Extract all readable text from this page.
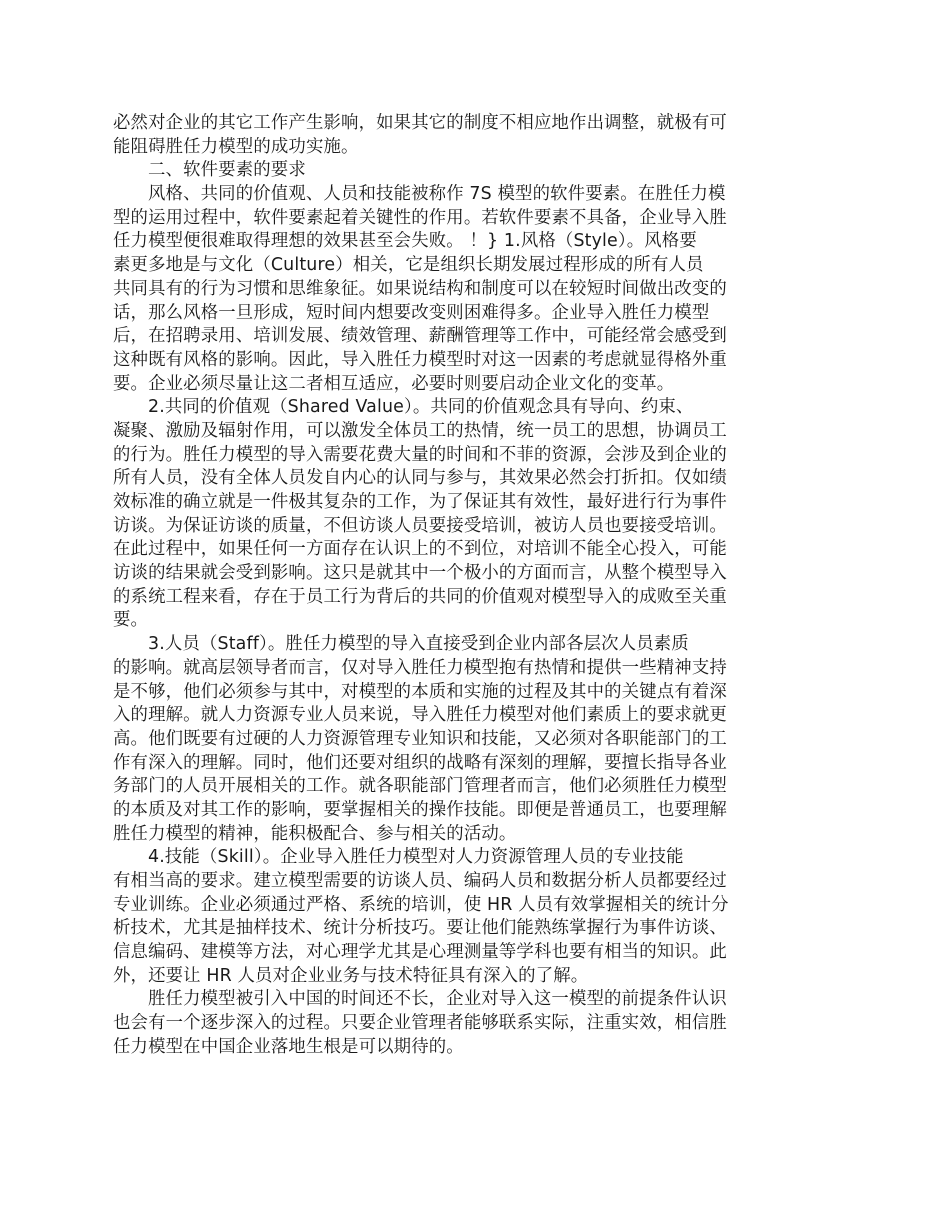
必然对企业的其它工作产生影响，如果其它的制度不相应地作出调整，就极有可
能阻碍胜任力模型的成功实施。
二、软件要素的要求
风格、共同的价值观、人员和技能被称作 7S 模型的软件要素。在胜任力模
型的运用过程中，软件要素起着关键性的作用。若软件要素不具备，企业导入胜
任力模型便很难取得理想的效果甚至会失败。 ！} 1.风格（Style）。风格要
素更多地是与文化（Culture）相关，它是组织长期发展过程形成的所有人员
共同具有的行为习惯和思维象征。如果说结构和制度可以在较短时间做出改变的
话，那么风格一旦形成，短时间内想要改变则困难得多。企业导入胜任力模型
后，在招聘录用、培训发展、绩效管理、薪酬管理等工作中，可能经常会感受到
这种既有风格的影响。因此，导入胜任力模型时对这一因素的考虑就显得格外重
要。企业必须尽量让这二者相互适应，必要时则要启动企业文化的变革。
2.共同的价值观（Shared Value）。共同的价值观念具有导向、约束、
凝聚、激励及辐射作用，可以激发全体员工的热情，统一员工的思想，协调员工
的行为。胜任力模型的导入需要花费大量的时间和不菲的资源，会涉及到企业的
所有人员，没有全体人员发自内心的认同与参与，其效果必然会打折扣。仅如绩
效标准的确立就是一件极其复杂的工作，为了保证其有效性，最好进行行为事件
访谈。为保证访谈的质量，不但访谈人员要接受培训，被访人员也要接受培训。
在此过程中，如果任何一方面存在认识上的不到位，对培训不能全心投入，可能
访谈的结果就会受到影响。这只是就其中一个极小的方面而言，从整个模型导入
的系统工程来看，存在于员工行为背后的共同的价值观对模型导入的成败至关重
要。
3.人员（Staff）。胜任力模型的导入直接受到企业内部各层次人员素质
的影响。就高层领导者而言，仅对导入胜任力模型抱有热情和提供一些精神支持
是不够，他们必须参与其中，对模型的本质和实施的过程及其中的关键点有着深
入的理解。就人力资源专业人员来说，导入胜任力模型对他们素质上的要求就更
高。他们既要有过硬的人力资源管理专业知识和技能，又必须对各职能部门的工
作有深入的理解。同时，他们还要对组织的战略有深刻的理解，要擅长指导各业
务部门的人员开展相关的工作。就各职能部门管理者而言，他们必须胜任力模型
的本质及对其工作的影响，要掌握相关的操作技能。即便是普通员工，也要理解
胜任力模型的精神，能积极配合、参与相关的活动。
4.技能（Skill）。企业导入胜任力模型对人力资源管理人员的专业技能
有相当高的要求。建立模型需要的访谈人员、编码人员和数据分析人员都要经过
专业训练。企业必须通过严格、系统的培训，使 HR 人员有效掌握相关的统计分
析技术，尤其是抽样技术、统计分析技巧。要让他们能熟练掌握行为事件访谈、
信息编码、建模等方法，对心理学尤其是心理测量等学科也要有相当的知识。此
外，还要让 HR 人员对企业业务与技术特征具有深入的了解。
胜任力模型被引入中国的时间还不长，企业对导入这一模型的前提条件认识
也会有一个逐步深入的过程。只要企业管理者能够联系实际，注重实效，相信胜
任力模型在中国企业落地生根是可以期待的。
